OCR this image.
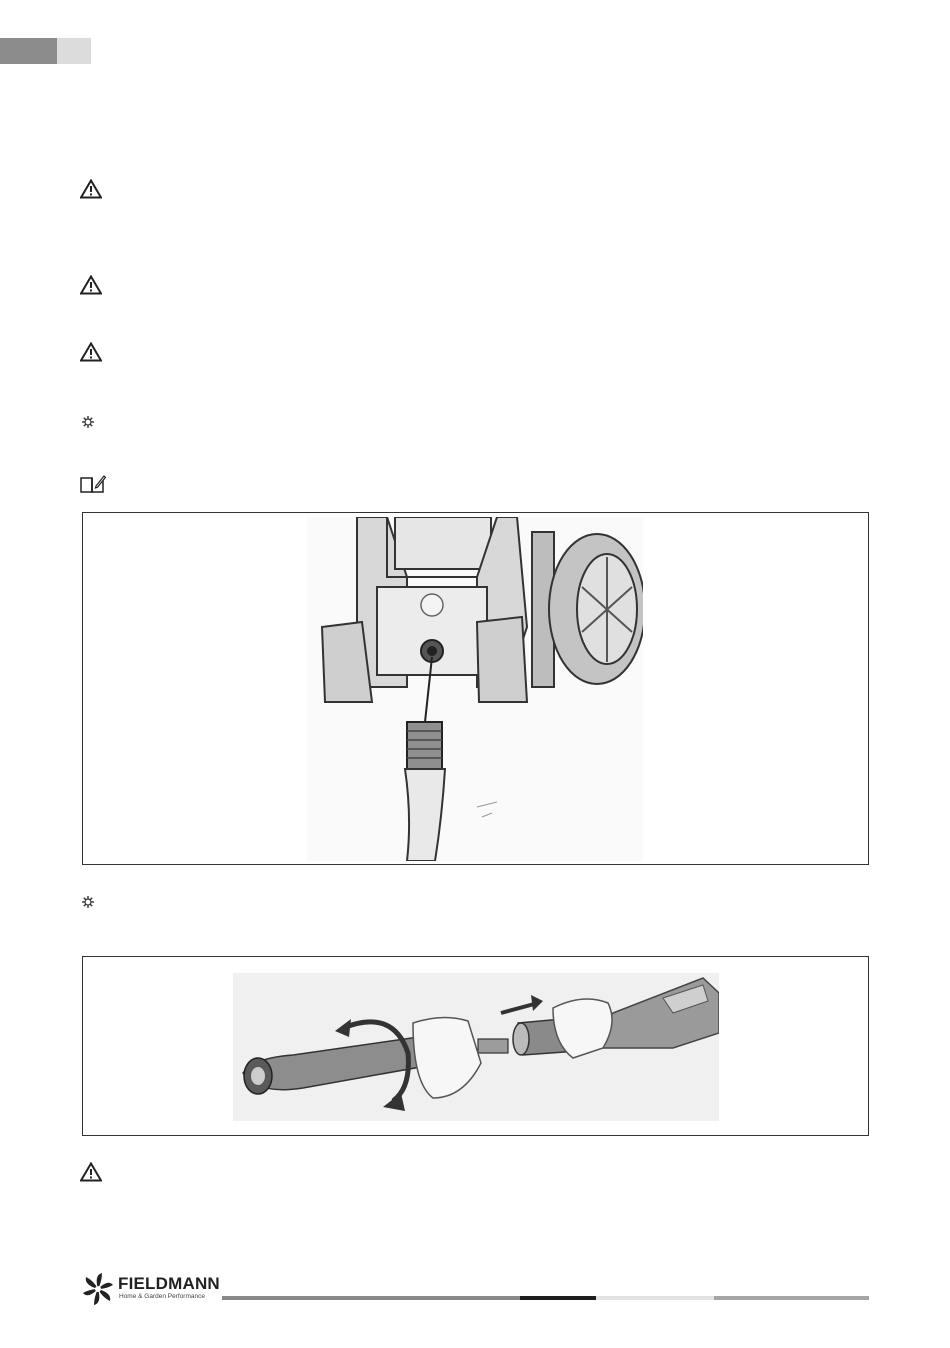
FIELDMANN
Home & Garden Performance
